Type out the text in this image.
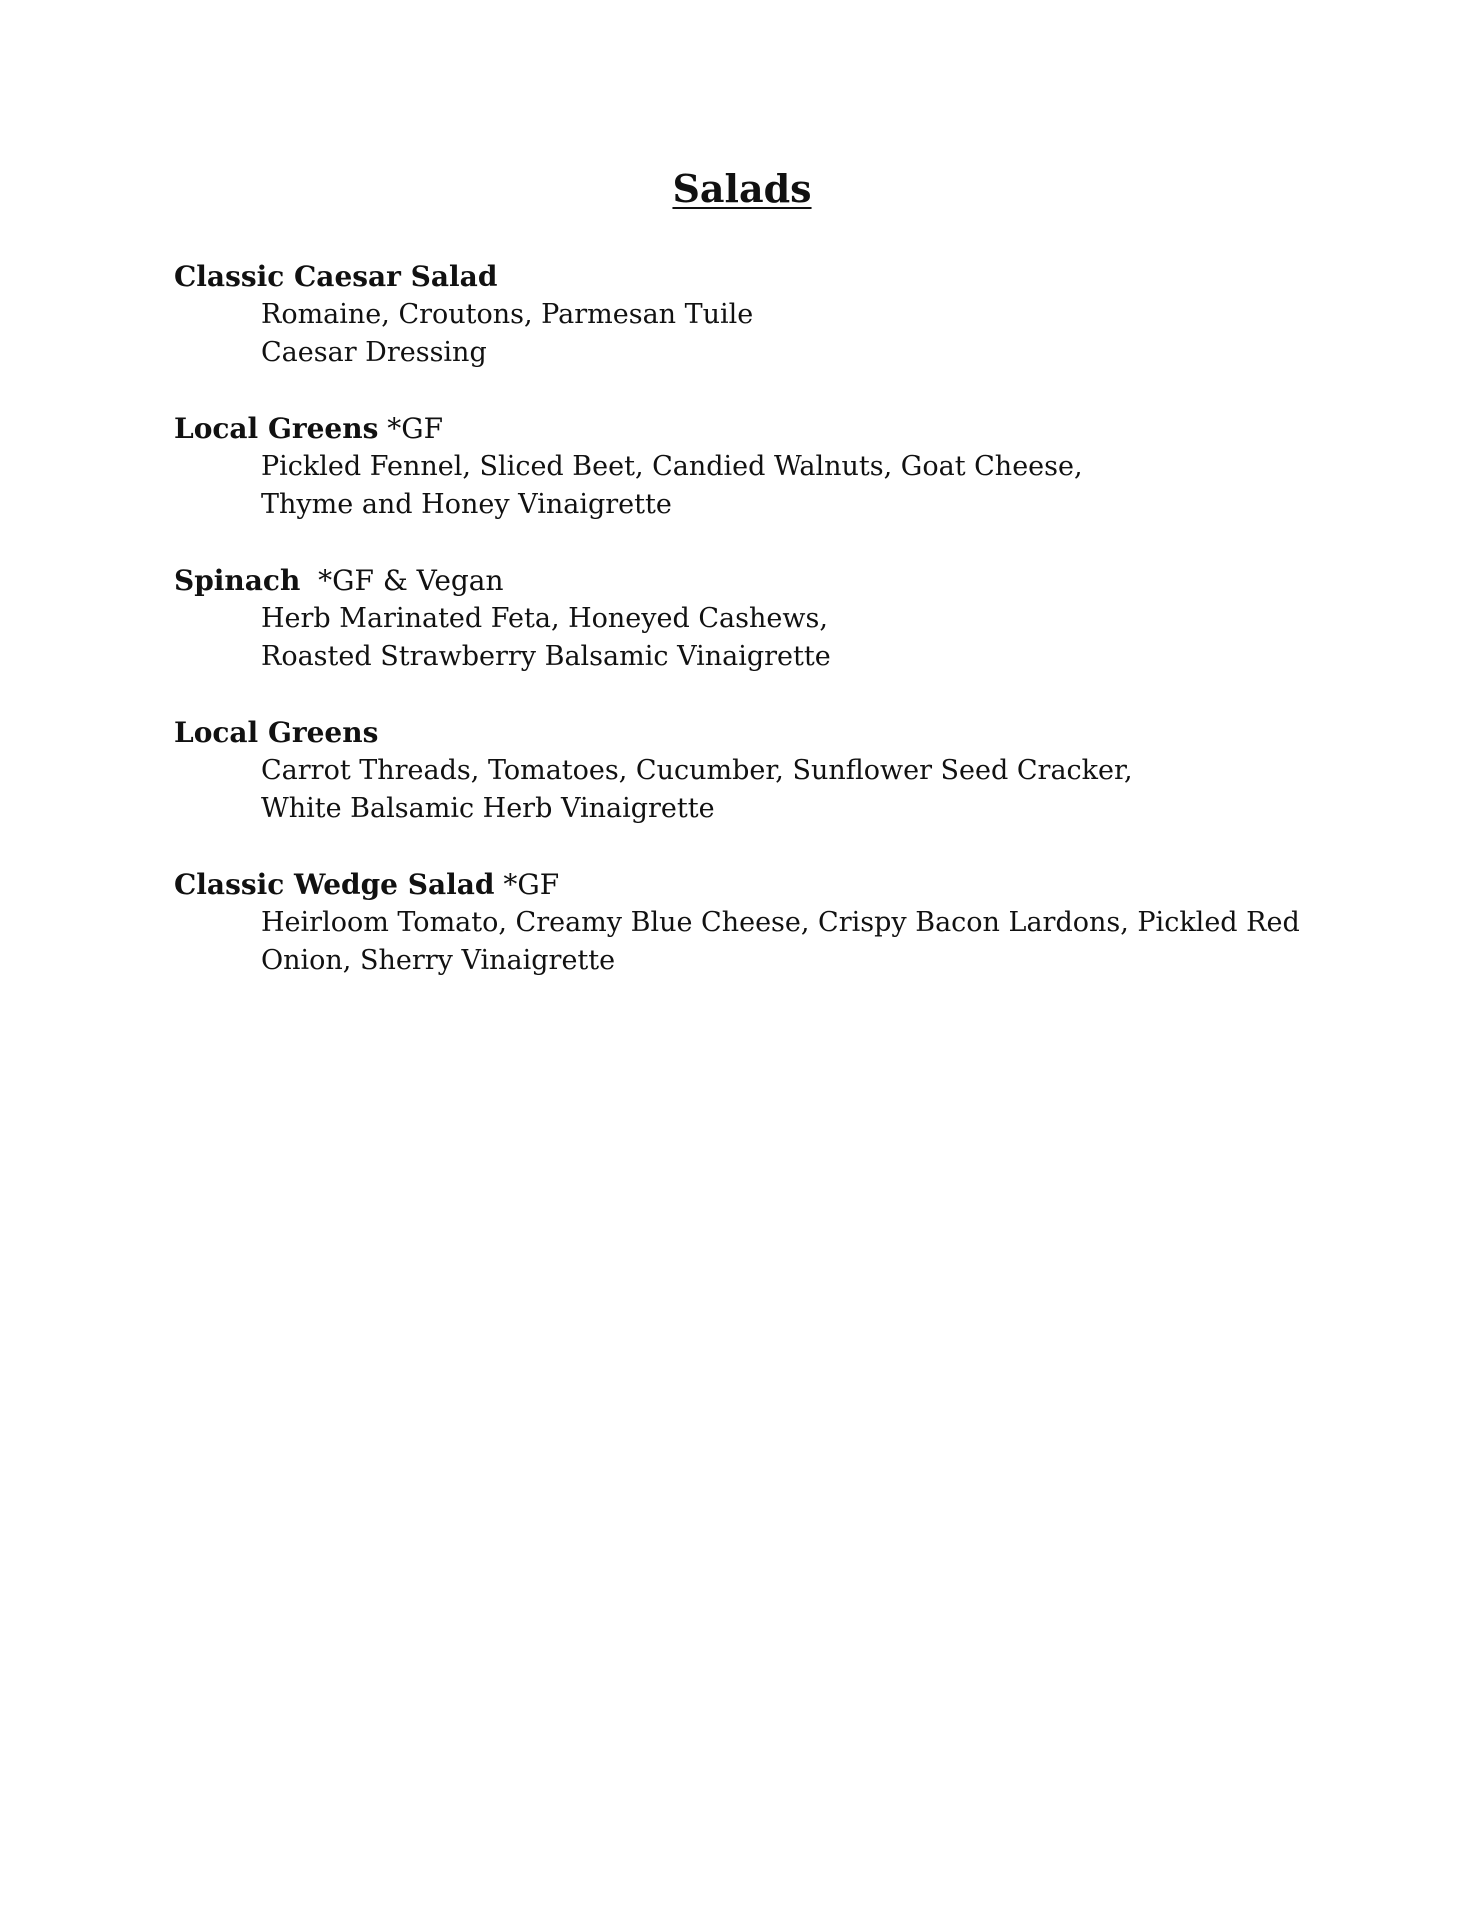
Salads
Classic Caesar Salad
Romaine, Croutons, Parmesan Tuile
Caesar Dressing
Local Greens *GF
Pickled Fennel, Sliced Beet, Candied Walnuts, Goat Cheese,
Thyme and Honey Vinaigrette
Spinach  *GF & Vegan
Herb Marinated Feta, Honeyed Cashews,
Roasted Strawberry Balsamic Vinaigrette
Local Greens
Carrot Threads, Tomatoes, Cucumber, Sunflower Seed Cracker,
White Balsamic Herb Vinaigrette
Classic Wedge Salad *GF
Heirloom Tomato, Creamy Blue Cheese, Crispy Bacon Lardons, Pickled Red
Onion, Sherry Vinaigrette
